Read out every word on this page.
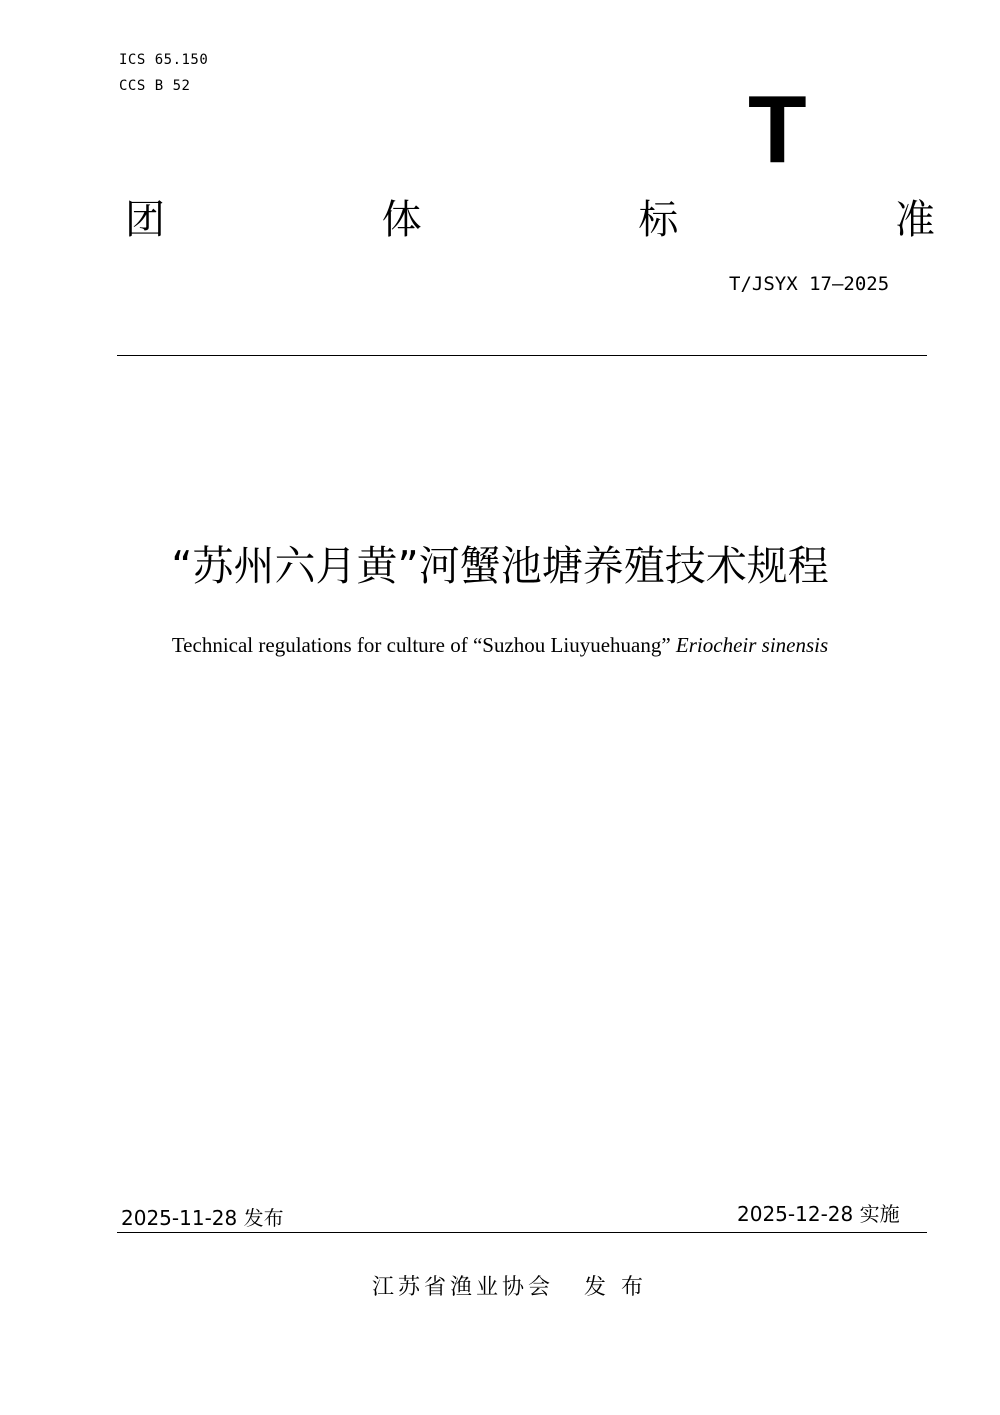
ICS 65.150
CCS B 52	T
团	体	标	准
T/JSYX 17—2025
“苏州六月黄”河蟹池塘养殖技术规程
Technical regulations for culture of “Suzhou Liuyuehuang” Eriocheir sinensis
2025-11-28 发布	2025-12-28 实施
江苏省渔业协会 发 布
